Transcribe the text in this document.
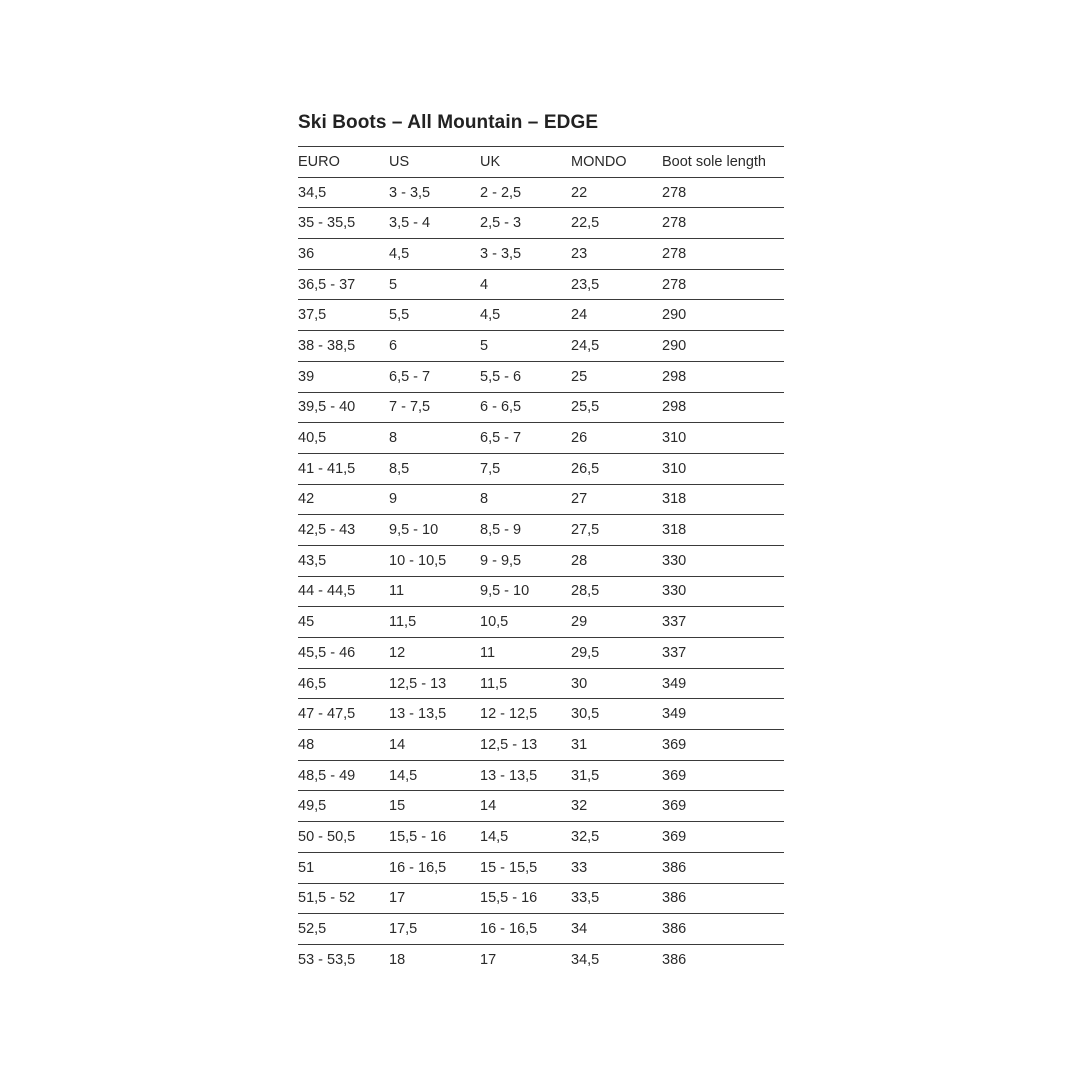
Ski Boots – All Mountain – EDGE
EURO	US	UK	MONDO	Boot sole length
34,5	3 - 3,5	2 - 2,5	22	278
35 - 35,5	3,5 - 4	2,5 - 3	22,5	278
36	4,5	3 - 3,5	23	278
36,5 - 37	5	4	23,5	278
37,5	5,5	4,5	24	290
38 - 38,5	6	5	24,5	290
39	6,5 - 7	5,5 - 6	25	298
39,5 - 40	7 - 7,5	6 - 6,5	25,5	298
40,5	8	6,5 - 7	26	310
41 - 41,5	8,5	7,5	26,5	310
42	9	8	27	318
42,5 - 43	9,5 - 10	8,5 - 9	27,5	318
43,5	10 - 10,5	9 - 9,5	28	330
44 - 44,5	11	9,5 - 10	28,5	330
45	11,5	10,5	29	337
45,5 - 46	12	11	29,5	337
46,5	12,5 - 13	11,5	30	349
47 - 47,5	13 - 13,5	12 - 12,5	30,5	349
48	14	12,5 - 13	31	369
48,5 - 49	14,5	13 - 13,5	31,5	369
49,5	15	14	32	369
50 - 50,5	15,5 - 16	14,5	32,5	369
51	16 - 16,5	15 - 15,5	33	386
51,5 - 52	17	15,5 - 16	33,5	386
52,5	17,5	16 - 16,5	34	386
53 - 53,5	18	17	34,5	386
